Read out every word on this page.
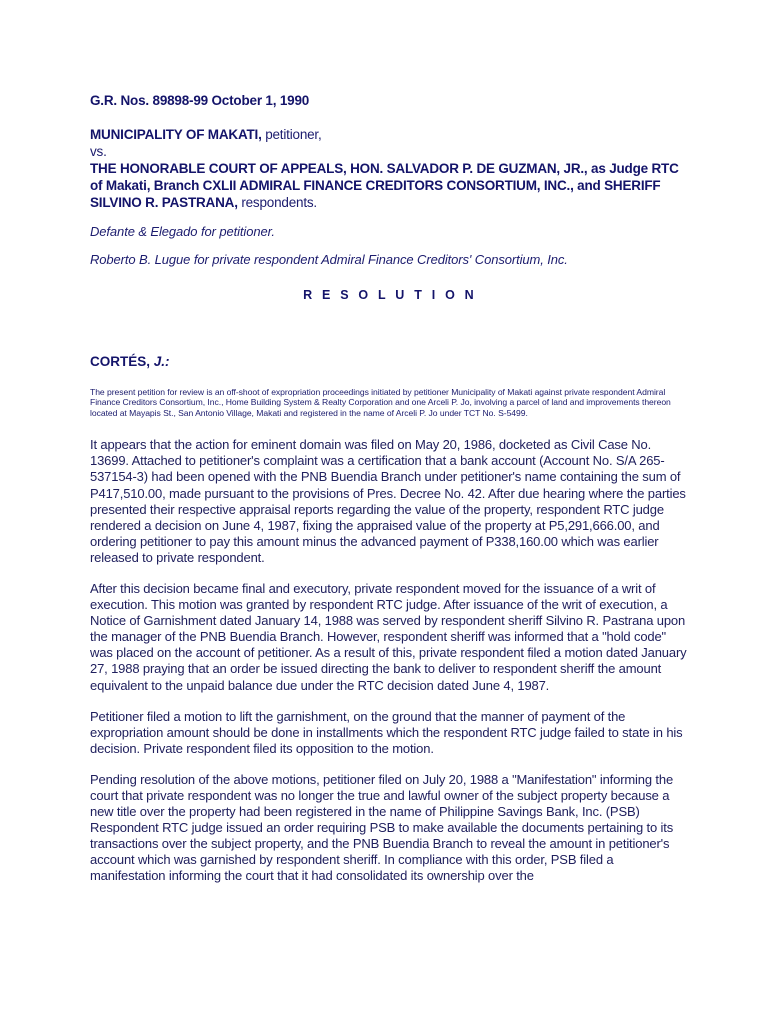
G.R. Nos. 89898-99 October 1, 1990

MUNICIPALITY OF MAKATI, petitioner,
vs.
THE HONORABLE COURT OF APPEALS, HON. SALVADOR P. DE GUZMAN, JR., as Judge RTC of Makati, Branch CXLII ADMIRAL FINANCE CREDITORS CONSORTIUM, INC., and SHERIFF SILVINO R. PASTRANA, respondents.

Defante & Elegado for petitioner.

Roberto B. Lugue for private respondent Admiral Finance Creditors' Consortium, Inc.

R E S O L U T I O N

CORTÉS, J.:

The present petition for review is an off-shoot of expropriation proceedings initiated by petitioner Municipality of Makati against private respondent Admiral Finance Creditors Consortium, Inc., Home Building System & Realty Corporation and one Arceli P. Jo, involving a parcel of land and improvements thereon located at Mayapis St., San Antonio Village, Makati and registered in the name of Arceli P. Jo under TCT No. S-5499.

It appears that the action for eminent domain was filed on May 20, 1986, docketed as Civil Case No. 13699. Attached to petitioner's complaint was a certification that a bank account (Account No. S/A 265-537154-3) had been opened with the PNB Buendia Branch under petitioner's name containing the sum of P417,510.00, made pursuant to the provisions of Pres. Decree No. 42. After due hearing where the parties presented their respective appraisal reports regarding the value of the property, respondent RTC judge rendered a decision on June 4, 1987, fixing the appraised value of the property at P5,291,666.00, and ordering petitioner to pay this amount minus the advanced payment of P338,160.00 which was earlier released to private respondent.

After this decision became final and executory, private respondent moved for the issuance of a writ of execution. This motion was granted by respondent RTC judge. After issuance of the writ of execution, a Notice of Garnishment dated January 14, 1988 was served by respondent sheriff Silvino R. Pastrana upon the manager of the PNB Buendia Branch. However, respondent sheriff was informed that a "hold code" was placed on the account of petitioner. As a result of this, private respondent filed a motion dated January 27, 1988 praying that an order be issued directing the bank to deliver to respondent sheriff the amount equivalent to the unpaid balance due under the RTC decision dated June 4, 1987.

Petitioner filed a motion to lift the garnishment, on the ground that the manner of payment of the expropriation amount should be done in installments which the respondent RTC judge failed to state in his decision. Private respondent filed its opposition to the motion.

Pending resolution of the above motions, petitioner filed on July 20, 1988 a "Manifestation" informing the court that private respondent was no longer the true and lawful owner of the subject property because a new title over the property had been registered in the name of Philippine Savings Bank, Inc. (PSB) Respondent RTC judge issued an order requiring PSB to make available the documents pertaining to its transactions over the subject property, and the PNB Buendia Branch to reveal the amount in petitioner's account which was garnished by respondent sheriff. In compliance with this order, PSB filed a manifestation informing the court that it had consolidated its ownership over the
